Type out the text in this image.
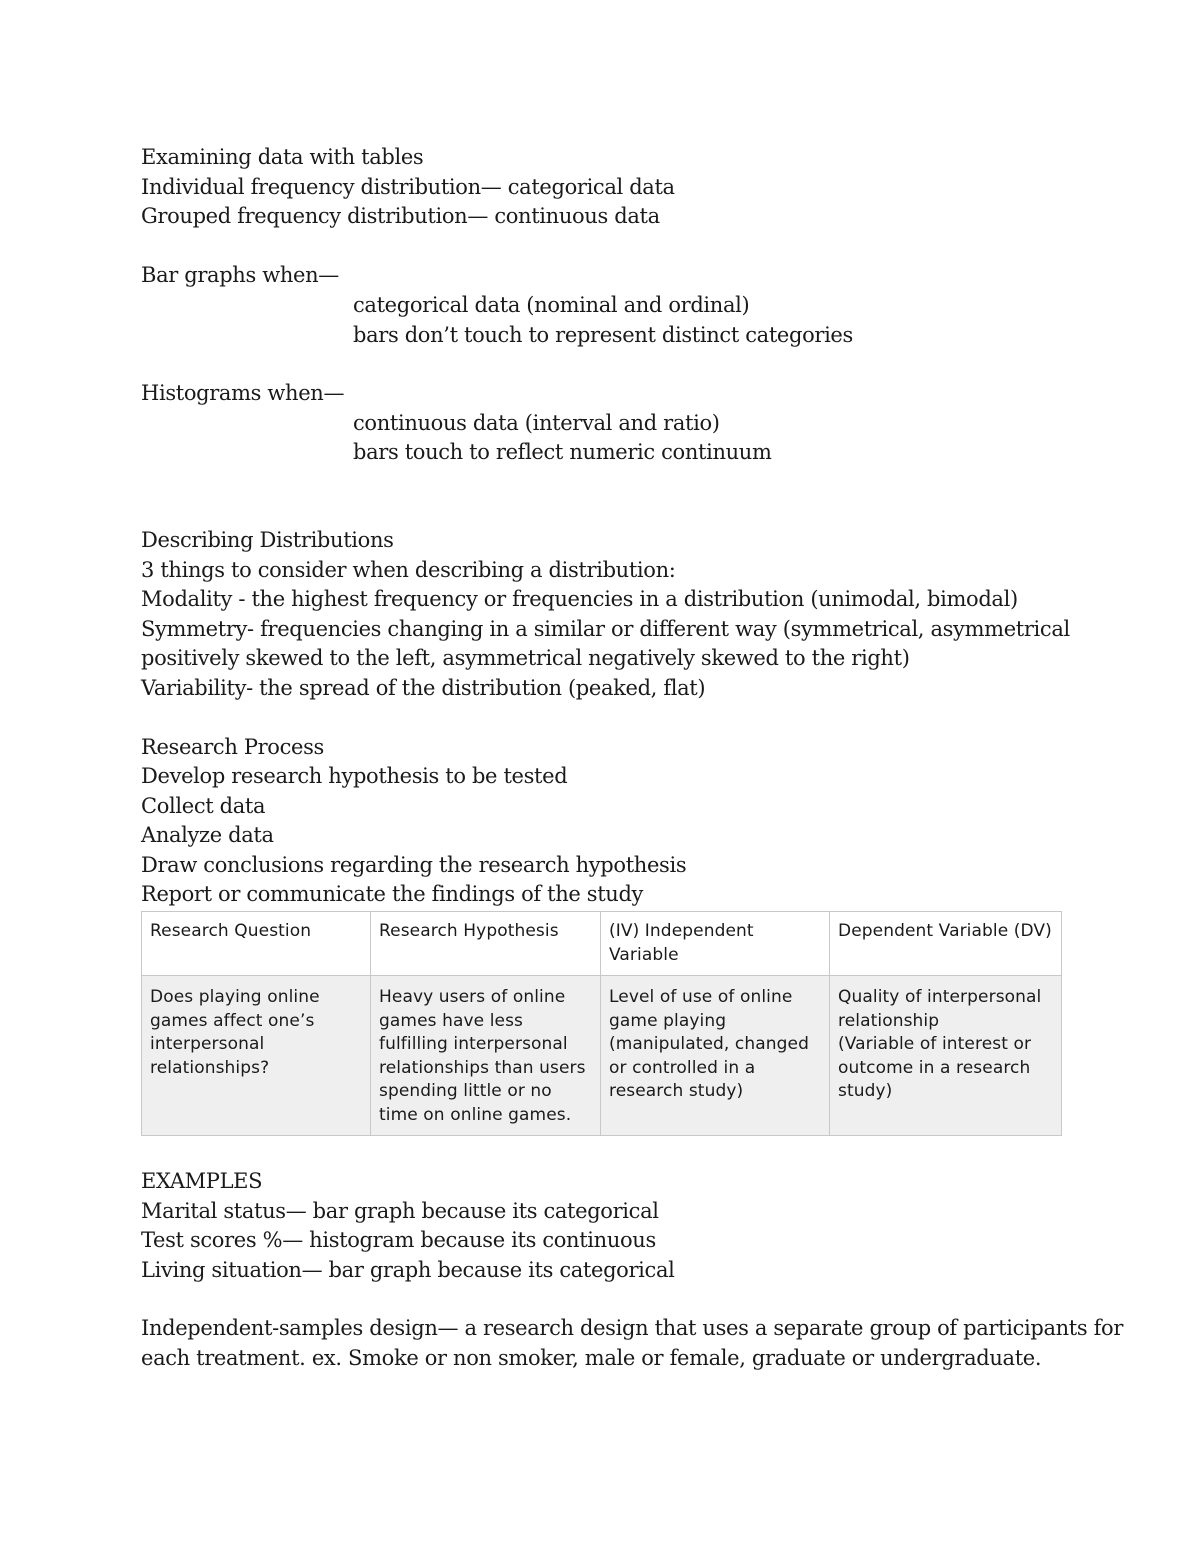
Examining data with tables
Individual frequency distribution— categorical data
Grouped frequency distribution— continuous data
Bar graphs when—
categorical data (nominal and ordinal)
bars don’t touch to represent distinct categories
Histograms when—
continuous data (interval and ratio)
bars touch to reflect numeric continuum
Describing Distributions
3 things to consider when describing a distribution:
Modality - the highest frequency or frequencies in a distribution (unimodal, bimodal)
Symmetry- frequencies changing in a similar or different way (symmetrical, asymmetrical
positively skewed to the left, asymmetrical negatively skewed to the right)
Variability- the spread of the distribution (peaked, flat)
Research Process
Develop research hypothesis to be tested
Collect data
Analyze data
Draw conclusions regarding the research hypothesis
Report or communicate the findings of the study
Research Question	Research Hypothesis	(IV) Independent Variable	Dependent Variable (DV)
Does playing online games affect one’s interpersonal relationships?	Heavy users of online games have less fulfilling interpersonal relationships than users spending little or no time on online games.	Level of use of online game playing (manipulated, changed or controlled in a research study)	Quality of interpersonal relationship
(Variable of interest or outcome in a research study)
EXAMPLES
Marital status— bar graph because its categorical
Test scores %— histogram because its continuous
Living situation— bar graph because its categorical
Independent-samples design— a research design that uses a separate group of participants for
each treatment. ex. Smoke or non smoker, male or female, graduate or undergraduate.
